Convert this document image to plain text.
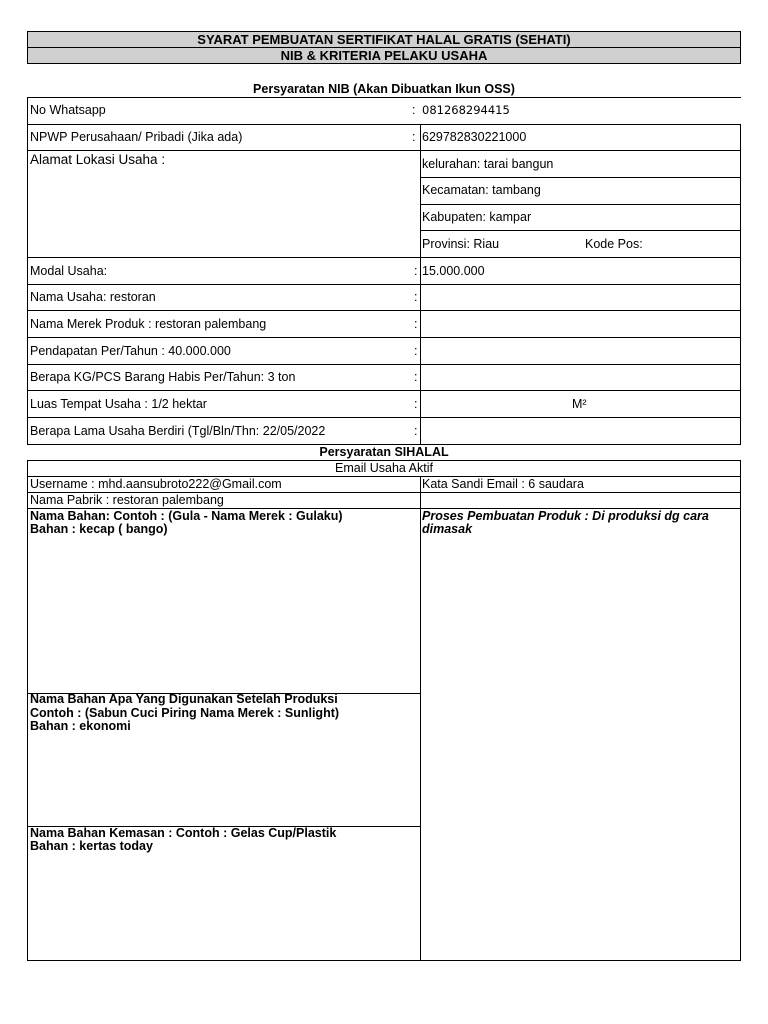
SYARAT PEMBUATAN SERTIFIKAT HALAL GRATIS (SEHATI)
NIB & KRITERIA PELAKU USAHA
Persyaratan NIB (Akan Dibuatkan Ikun OSS)
No Whatsapp	: 081268294415
NPWP Perusahaan/ Pribadi (Jika ada)	: 629782830221000
Alamat Lokasi Usaha :	kelurahan: tarai bangun
Kecamatan: tambang
Kabupaten: kampar
Provinsi: Riau	Kode Pos:
Modal Usaha:	: 15.000.000
Nama Usaha: restoran	:
Nama Merek Produk : restoran palembang	:
Pendapatan Per/Tahun : 40.000.000	:
Berapa KG/PCS Barang Habis Per/Tahun: 3 ton	:
Luas Tempat Usaha : 1/2 hektar	:	M²
Berapa Lama Usaha Berdiri (Tgl/Bln/Thn: 22/05/2022	:
Persyaratan SIHALAL
Email Usaha Aktif
Username : mhd.aansubroto222@Gmail.com	Kata Sandi Email : 6 saudara
Nama Pabrik : restoran palembang
Nama Bahan: Contoh : (Gula - Nama Merek : Gulaku)
Bahan : kecap ( bango)
Proses Pembuatan Produk : Di produksi dg cara
dimasak
Nama Bahan Apa Yang Digunakan Setelah Produksi
Contoh : (Sabun Cuci Piring Nama Merek : Sunlight)
Bahan : ekonomi
Nama Bahan Kemasan : Contoh : Gelas Cup/Plastik
Bahan : kertas today
